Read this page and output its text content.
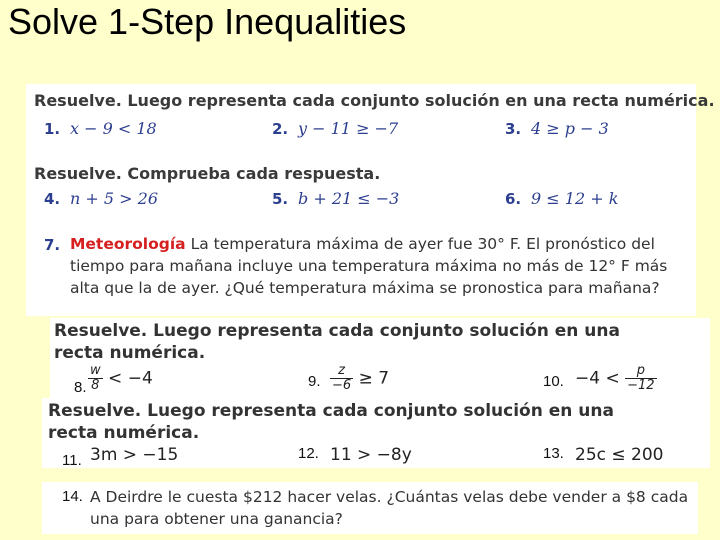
Solve 1-Step Inequalities
Resuelve. Luego representa cada conjunto solución en una recta numérica.
1. x − 9 < 18	2. y − 11 ≥ −7	3. 4 ≥ p − 3
Resuelve. Comprueba cada respuesta.
4. n + 5 > 26	5. b + 21 ≤ −3	6. 9 ≤ 12 + k
7. Meteorología La temperatura máxima de ayer fue 30° F. El pronóstico del
tiempo para mañana incluye una temperatura máxima no más de 12° F más
alta que la de ayer. ¿Qué temperatura máxima se pronostica para mañana?
Resuelve. Luego representa cada conjunto solución en una
recta numérica.
8. $\frac{w}{8} < -4$	9. $\frac{z}{-6} \ge 7$	10. $-4 < \frac{p}{-12}$
Resuelve. Luego representa cada conjunto solución en una
recta numérica.
11. 3m > −15	12. 11 > −8y	13. 25c ≤ 200
14. A Deirdre le cuesta $212 hacer velas. ¿Cuántas velas debe vender a $8 cada
una para obtener una ganancia?
